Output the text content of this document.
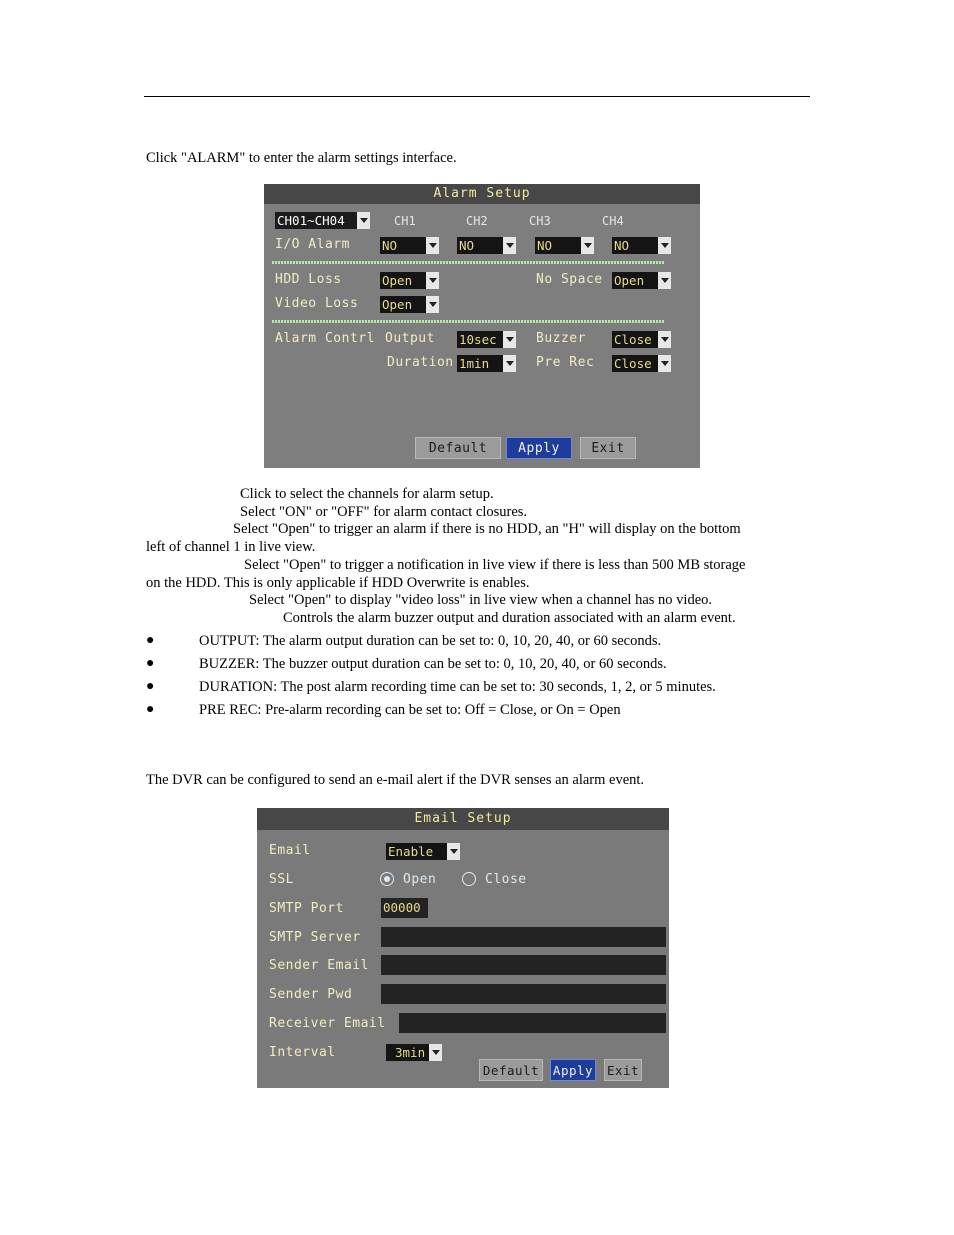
Click "ALARM" to enter the alarm settings interface.
Alarm Setup
CH01~CH04	CH1	CH2	CH3	CH4
I/O Alarm	NO	NO	NO	NO
HDD Loss	Open	No Space Open
Video Loss Open
Alarm Contrl Output 10sec	Buzzer Close
Duration 1min	Pre Rec Close
Default	Apply	Exit
Click to select the channels for alarm setup.
Select "ON" or "OFF" for alarm contact closures.
Select "Open" to trigger an alarm if there is no HDD, an "H" will display on the bottom
left of channel 1 in live view.
Select "Open" to trigger a notification in live view if there is less than 500 MB storage
on the HDD. This is only applicable if HDD Overwrite is enables.
Select "Open" to display "video loss" in live view when a channel has no video.
Controls the alarm buzzer output and duration associated with an alarm event.
●	OUTPUT: The alarm output duration can be set to: 0, 10, 20, 40, or 60 seconds.
●	BUZZER: The buzzer output duration can be set to: 0, 10, 20, 40, or 60 seconds.
●	DURATION: The post alarm recording time can be set to: 30 seconds, 1, 2, or 5 minutes.
●	PRE REC: Pre-alarm recording can be set to: Off = Close, or On = Open
The DVR can be configured to send an e-mail alert if the DVR senses an alarm event.
Email Setup
Email	Enable
SSL	Open	Close
SMTP Port	00000
SMTP Server
Sender Email
Sender Pwd
Receiver Email
Interval	3min
Default	Apply Exit
